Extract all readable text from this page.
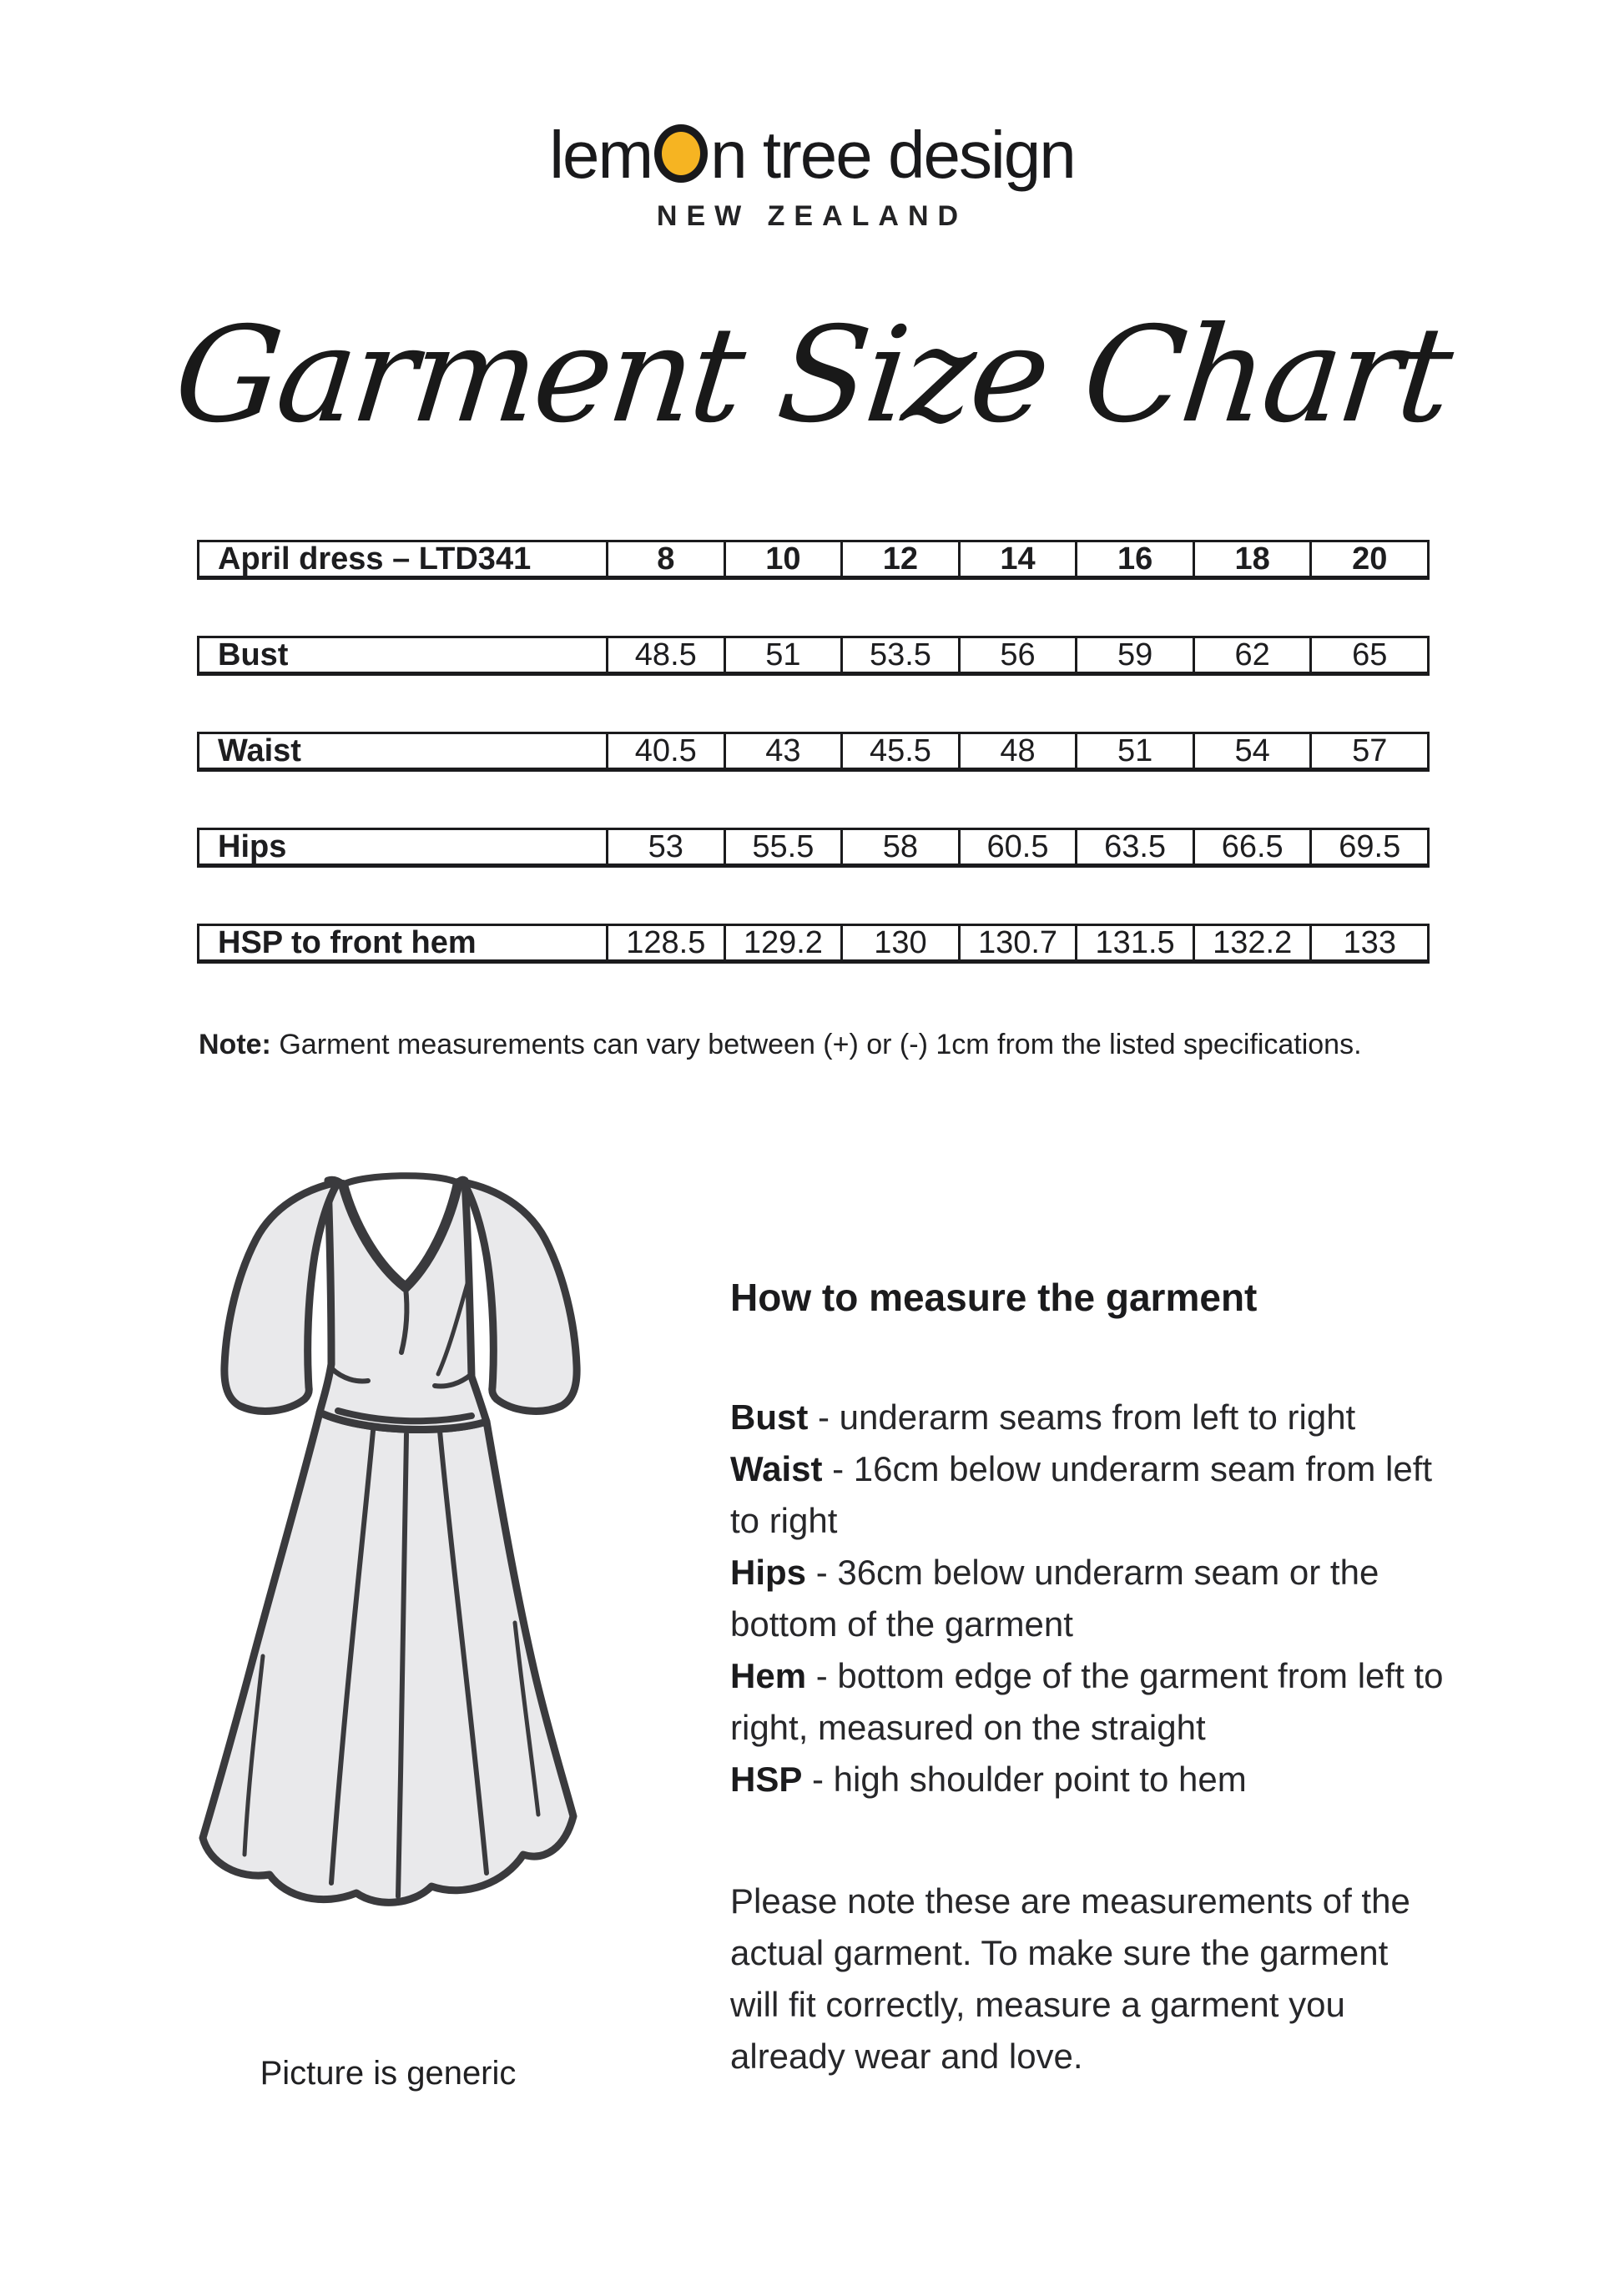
lem n tree design
NEW ZEALAND
Garment Size Chart
April dress – LTD341	8	10	12	14	16	18	20
Bust	48.5	51	53.5	56	59	62	65
Waist	40.5	43	45.5	48	51	54	57
Hips	53	55.5	58	60.5	63.5	66.5	69.5
HSP to front hem	128.5	129.2	130	130.7	131.5	132.2	133

Note: Garment measurements can vary between (+) or (-) 1cm from the listed specifications.

Picture is generic
How to measure the garment

Bust - underarm seams from left to right

Waist - 16cm below underarm seam from left to right

Hips - 36cm below underarm seam or the bottom of the garment

Hem - bottom edge of the garment from left to right, measured on the straight

HSP - high shoulder point to hem

Please note these are measurements of the actual garment. To make sure the garment will fit correctly, measure a garment you already wear and love.
